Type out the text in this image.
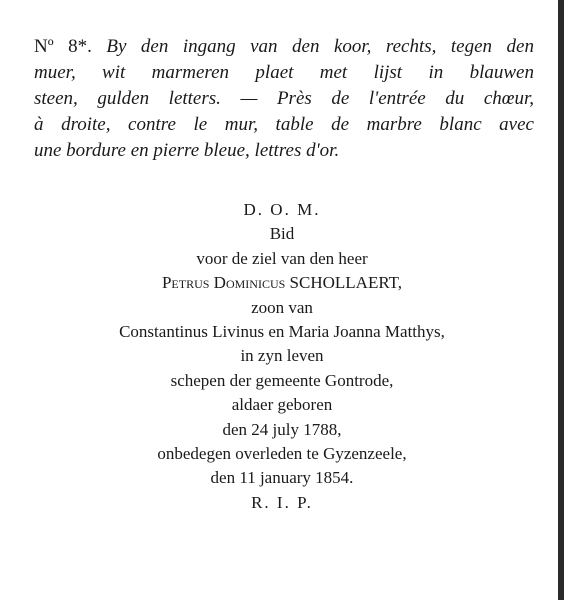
Nº 8*. By den ingang van den koor, rechts, tegen den
muer, wit marmeren plaet met lijst in blauwen
steen, gulden letters. — Près de l'entrée du chœur,
à droite, contre le mur, table de marbre blanc avec
une bordure en pierre bleue, lettres d'or.
D. O. M.
Bid
voor de ziel van den heer
Petrus Dominicus SCHOLLAERT,
zoon van
Constantinus Livinus en Maria Joanna Matthys,
in zyn leven
schepen der gemeente Gontrode,
aldaer geboren
den 24 july 1788,
onbedegen overleden te Gyzenzeele,
den 11 january 1854.
R. I. P.
